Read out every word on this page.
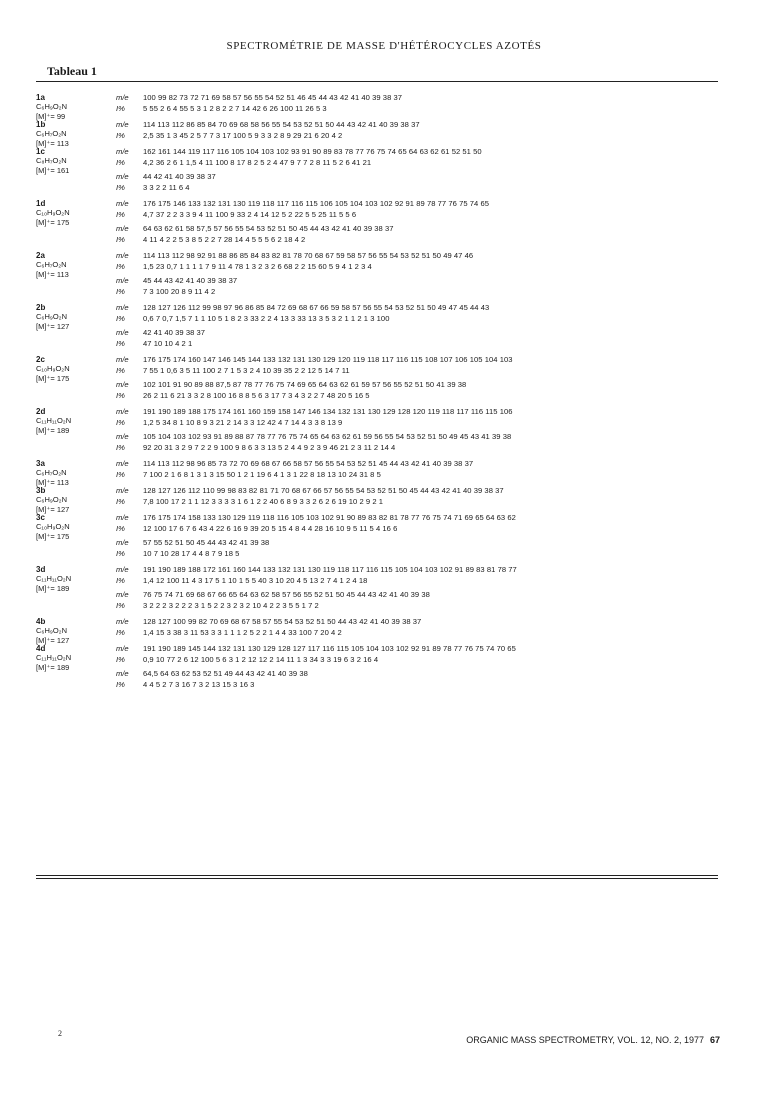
SPECTROMÉTRIE DE MASSE D'HÉTÉROCYCLES AZOTÉS
Tableau 1
1a
C₆H₉O₂N
[M]⁺= 99
m/e	100 99 82 73 72 71 69 58 57 56 55 54 52 51 46 45 44 43 42 41 40 39 38 37
I%	5 55 2 6 4 55 5 3 1 2 8 2 2 7 14 42 6 26 100 11 26 5 3
1b
C₆H₇O₂N
[M]⁺= 113
m/e	114 113 112 86 85 84 70 69 68 58 56 55 54 53 52 51 50 44 43 42 41 40 39 38 37
I%	2,5 35 1 3 45 2 5 7 7 3 17 100 5 9 3 3 2 8 9 29 21 6 20 4 2
1c
C₈H₇O₂N
[M]⁺= 161
m/e	162 161 144 119 117 116 105 104 103 102 93 91 90 89 83 78 77 76 75 74 65 64 63 62 61 52 51 50
I%	4,2 36 2 6 1 1,5 4 11 100 8 17 8 2 5 2 4 47 9 7 7 2 8 11 5 2 6 41 21
m/e	44 42 41 40 39 38 37
I%	3 3 2 2 11 6 4
1d
C₁₀H₉O₂N
[M]⁺= 175
m/e	176 175 146 133 132 131 130 119 118 117 116 115 106 105 104 103 102 92 91 89 78 77 76 75 74 65
I%	4,7 37 2 2 3 3 9 4 11 100 9 33 2 4 14 12 5 2 22 5 5 25 11 5 5 6
m/e	64 63 62 61 58 57,5 57 56 55 54 53 52 51 50 45 44 43 42 41 40 39 38 37
I%	4 11 4 2 2 5 3 8 5 2 2 7 28 14 4 5 5 5 6 2 18 4 2
2a
C₆H₇O₂N
[M]⁺= 113
m/e	114 113 112 98 92 91 88 86 85 84 83 82 81 78 70 68 67 59 58 57 56 55 54 53 52 51 50 49 47 46
I%	1,5 23 0,7 1 1 1 1 7 9 11 4 78 1 3 2 3 2 6 68 2 2 15 60 5 9 4 1 2 3 4
m/e	45 44 43 42 41 40 39 38 37
I%	7 3 100 20 8 9 11 4 2
2b
C₆H₉O₂N
[M]⁺= 127
m/e	128 127 126 112 99 98 97 96 86 85 84 72 69 68 67 66 59 58 57 56 55 54 53 52 51 50 49 47 45 44 43
I%	0,6 7 0,7 1,5 7 1 1 10 5 1 8 2 3 33 2 2 4 13 3 33 13 3 5 3 2 1 1 2 1 3 100
m/e	42 41 40 39 38 37
I%	47 10 10 4 2 1
2c
C₁₀H₉O₂N
[M]⁺= 175
m/e	176 175 174 160 147 146 145 144 133 132 131 130 129 120 119 118 117 116 115 108 107 106 105 104 103
I%	7 55 1 0,6 3 5 11 100 2 7 1 5 3 2 4 10 39 35 2 2 12 5 14 7 11
m/e	102 101 91 90 89 88 87,5 87 78 77 76 75 74 69 65 64 63 62 61 59 57 56 55 52 51 50 41 39 38
I%	26 2 11 6 21 3 3 2 8 100 16 8 8 5 6 3 17 7 3 4 3 2 2 7 48 20 5 16 5
2d
C₁₁H₁₁O₂N
[M]⁺= 189
m/e	191 190 189 188 175 174 161 160 159 158 147 146 134 132 131 130 129 128 120 119 118 117 116 115 106
I%	1,2 5 34 8 1 10 8 9 3 21 2 14 3 3 12 42 4 7 14 4 3 3 8 13 9
m/e	105 104 103 102 93 91 89 88 87 78 77 76 75 74 65 64 63 62 61 59 56 55 54 53 52 51 50 49 45 43 41 39 38
I%	92 20 31 3 2 9 7 2 2 9 100 9 8 6 3 3 13 5 2 4 4 9 2 3 9 46 21 2 3 11 2 14 4
3a
C₆H₇O₂N
[M]⁺= 113
m/e	114 113 112 98 96 85 73 72 70 69 68 67 66 58 57 56 55 54 53 52 51 45 44 43 42 41 40 39 38 37
I%	7 100 2 1 6 8 1 3 1 3 15 50 1 2 1 19 6 4 1 3 1 22 8 18 13 10 24 31 8 5
3b
C₆H₉O₂N
[M]⁺= 127
m/e	128 127 126 112 110 99 98 83 82 81 71 70 68 67 66 57 56 55 54 53 52 51 50 45 44 43 42 41 40 39 38 37
I%	7,8 100 17 2 1 1 12 3 3 3 3 1 6 1 2 2 40 6 8 9 3 3 2 6 2 6 19 10 2 9 2 1
3c
C₁₀H₉O₂N
[M]⁺= 175
m/e	176 175 174 158 133 130 129 119 118 116 105 103 102 91 90 89 83 82 81 78 77 76 75 74 71 69 65 64 63 62
I%	12 100 17 6 7 6 43 4 22 6 16 9 39 20 5 15 4 8 4 4 28 16 10 9 5 11 5 4 16 6
m/e	57 55 52 51 50 45 44 43 42 41 39 38
I%	10 7 10 28 17 4 4 8 7 9 18 5
3d
C₁₁H₁₁O₂N
[M]⁺= 189
m/e	191 190 189 188 172 161 160 144 133 132 131 130 119 118 117 116 115 105 104 103 102 91 89 83 81 78 77
I%	1,4 12 100 11 4 3 17 5 1 10 1 5 5 40 3 10 20 4 5 13 2 7 4 1 2 4 18
m/e	76 75 74 71 69 68 67 66 65 64 63 62 58 57 56 55 52 51 50 45 44 43 42 41 40 39 38
I%	3 2 2 2 3 2 2 2 3 1 5 2 2 3 2 3 2 10 4 2 2 3 5 5 1 7 2
4b
C₆H₉O₂N
[M]⁺= 127
m/e	128 127 100 99 82 70 69 68 67 58 57 55 54 53 52 51 50 44 43 42 41 40 39 38 37
I%	1,4 15 3 38 3 11 53 3 3 1 1 1 2 5 2 2 1 4 4 33 100 7 20 4 2
4d
C₁₁H₁₁O₂N
[M]⁺= 189
m/e	191 190 189 145 144 132 131 130 129 128 127 117 116 115 105 104 103 102 92 91 89 78 77 76 75 74 70 65
I%	0,9 10 77 2 6 12 100 5 6 3 1 2 12 12 2 14 11 1 3 34 3 3 19 6 3 2 16 4
m/e	64,5 64 63 62 53 52 51 49 44 43 42 41 40 39 38
I%	4 4 5 2 7 3 16 7 3 2 13 15 3 16 3
2
ORGANIC MASS SPECTROMETRY, VOL. 12, NO. 2, 1977 67
